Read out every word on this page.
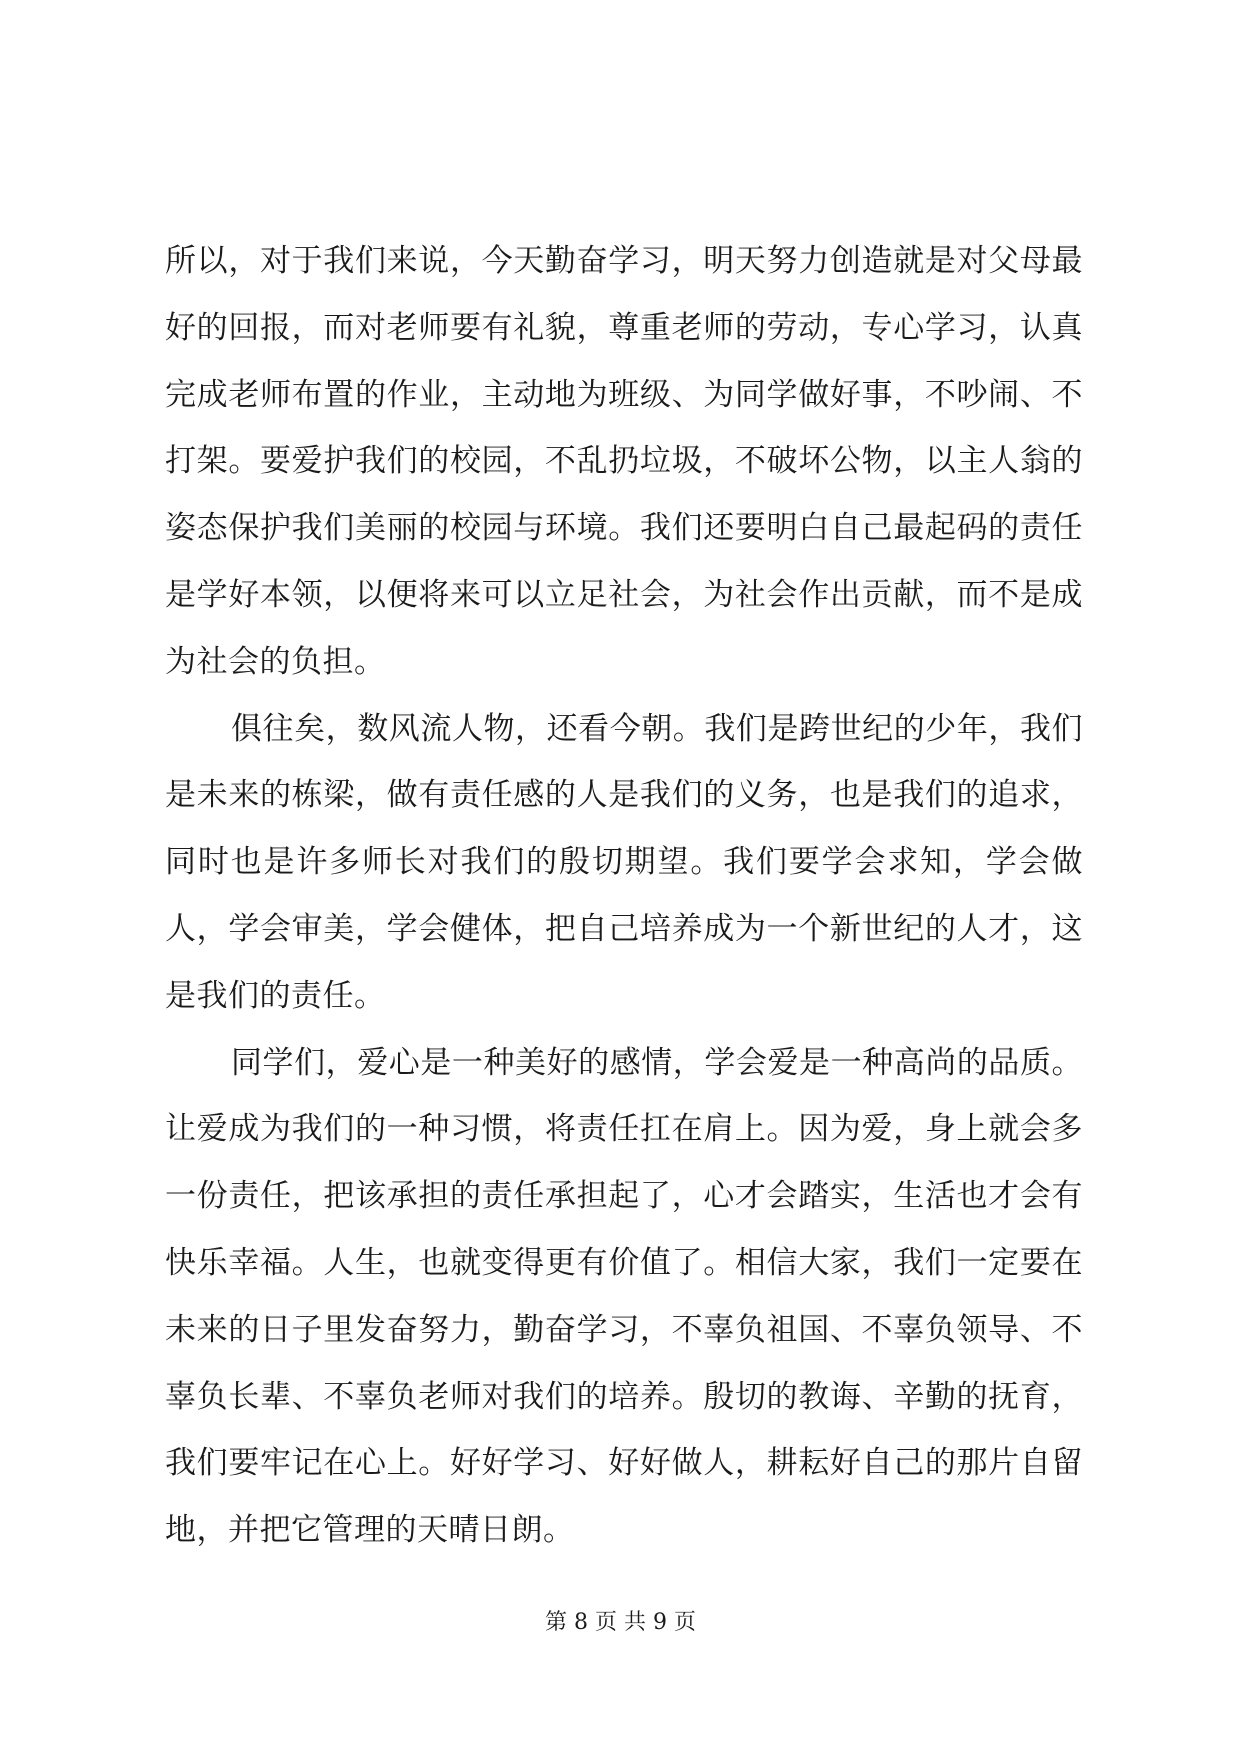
所以，对于我们来说，今天勤奋学习，明天努力创造就是对父母最好的回报，而对老师要有礼貌，尊重老师的劳动，专心学习，认真完成老师布置的作业，主动地为班级、为同学做好事，不吵闹、不打架。要爱护我们的校园，不乱扔垃圾，不破坏公物，以主人翁的姿态保护我们美丽的校园与环境。我们还要明白自己最起码的责任是学好本领，以便将来可以立足社会，为社会作出贡献，而不是成为社会的负担。

俱往矣，数风流人物，还看今朝。我们是跨世纪的少年，我们是未来的栋梁，做有责任感的人是我们的义务，也是我们的追求，同时也是许多师长对我们的殷切期望。我们要学会求知，学会做人，学会审美，学会健体，把自己培养成为一个新世纪的人才，这是我们的责任。

同学们，爱心是一种美好的感情，学会爱是一种高尚的品质。让爱成为我们的一种习惯，将责任扛在肩上。因为爱，身上就会多一份责任，把该承担的责任承担起了，心才会踏实，生活也才会有快乐幸福。人生，也就变得更有价值了。相信大家，我们一定要在未来的日子里发奋努力，勤奋学习，不辜负祖国、不辜负领导、不辜负长辈、不辜负老师对我们的培养。殷切的教诲、辛勤的抚育，我们要牢记在心上。好好学习、好好做人，耕耘好自己的那片自留地，并把它管理的天晴日朗。

第 8 页 共 9 页
